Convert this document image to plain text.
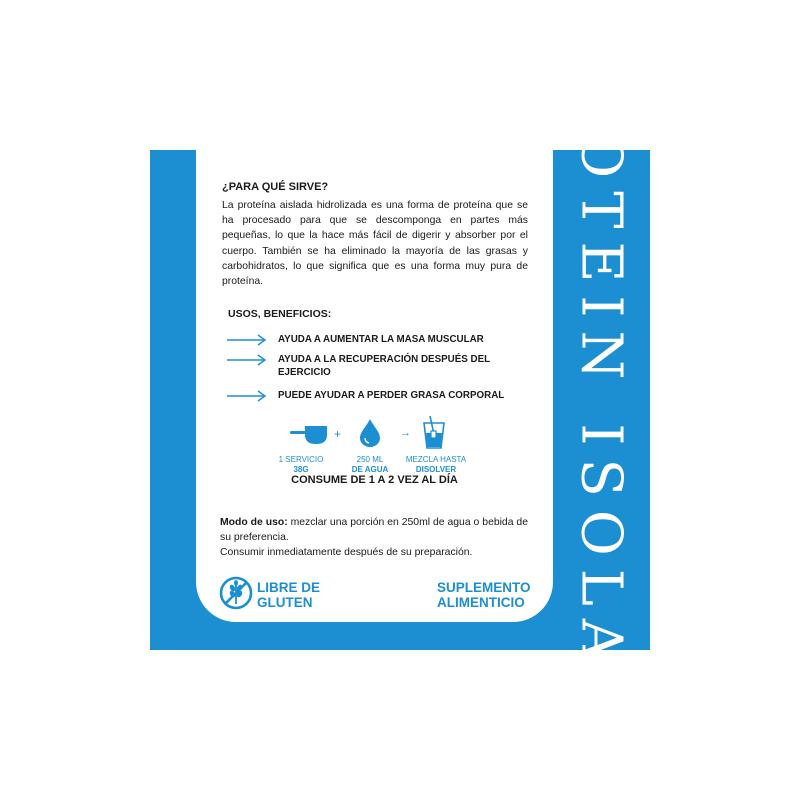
PROTEIN ISOLATE
¿PARA QUÉ SIRVE?
La proteína aislada hidrolizada es una forma de proteína que se ha procesado para que se descomponga en partes más pequeñas, lo que la hace más fácil de digerir y absorber por el cuerpo. También se ha eliminado la mayoría de las grasas y carbohidratos, lo que significa que es una forma muy pura de proteína.
USOS, BENEFICIOS:
AYUDA A AUMENTAR LA MASA MUSCULAR
AYUDA A LA RECUPERACIÓN DESPUÉS DEL EJERCICIO
PUEDE AYUDAR A PERDER GRASA CORPORAL
+	→
1 SERVICIO
38G
250 ML
DE AGUA
MEZCLA HASTA
DISOLVER
CONSUME DE 1 A 2 VEZ AL DÍA
Modo de uso: mezclar una porción en 250ml de agua o bebida de su preferencia.
Consumir inmediatamente después de su preparación.
LIBRE DE
GLUTEN
SUPLEMENTO
ALIMENTICIO
